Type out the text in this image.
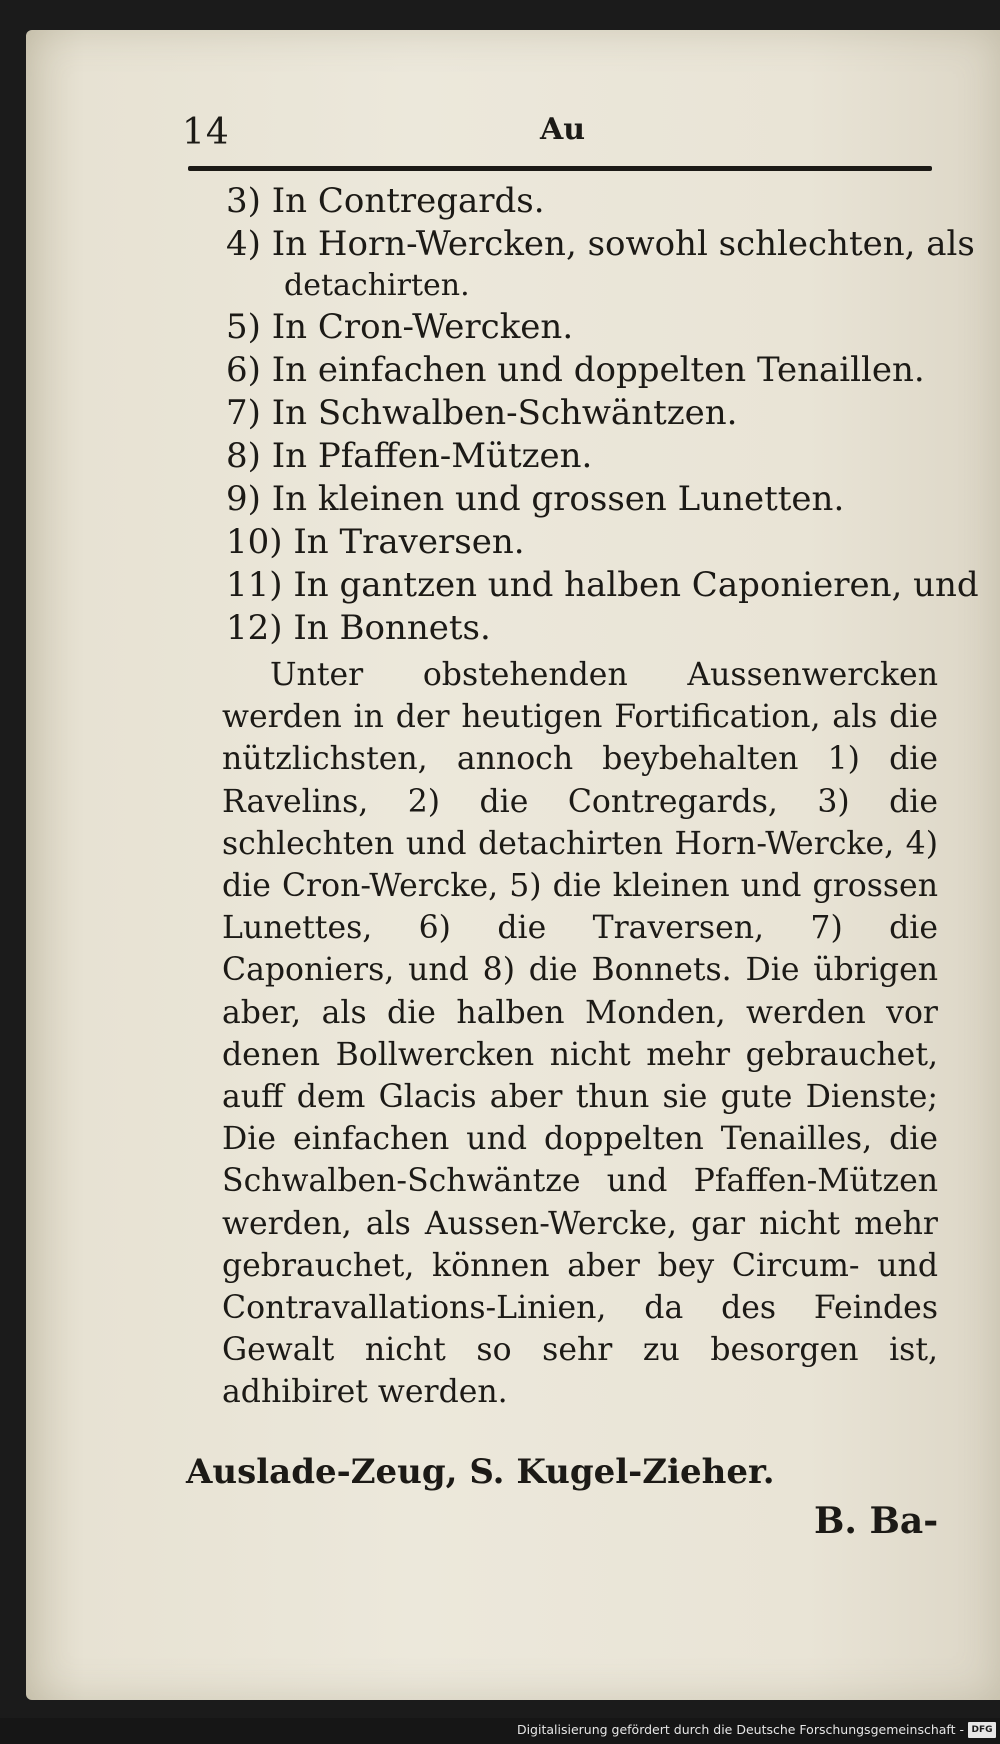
14	Au
3) In Contregards.
4) In Horn-Wercken, sowohl schlechten, als
detachirten.
5) In Cron-Wercken.
6) In einfachen und doppelten Tenaillen.
7) In Schwalben-Schwäntzen.
8) In Pfaffen-Mützen.
9) In kleinen und grossen Lunetten.
10) In Traversen.
11) In gantzen und halben Caponieren, und
12) In Bonnets.

Unter obstehenden Aussenwercken werden in der heutigen Fortification, als die nützlichsten, annoch beybehalten 1) die Ravelins, 2) die Contregards, 3) die schlechten und detachirten Horn-Wercke, 4) die Cron-Wercke, 5) die kleinen und grossen Lunettes, 6) die Traversen, 7) die Caponiers, und 8) die Bonnets. Die übrigen aber, als die halben Monden, werden vor denen Bollwercken nicht mehr gebrauchet, auff dem Glacis aber thun sie gute Dienste; Die einfachen und doppelten Tenailles, die Schwalben-Schwäntze und Pfaffen-Mützen werden, als Aussen-Wercke, gar nicht mehr gebrauchet, können aber bey Circum- und Contravallations-Linien, da des Feindes Gewalt nicht so sehr zu besorgen ist, adhibiret werden.

Auslade-Zeug, S. Kugel-Zieher.
B. Ba-
Digitalisierung gefördert durch die Deutsche Forschungsgemeinschaft - DFG
